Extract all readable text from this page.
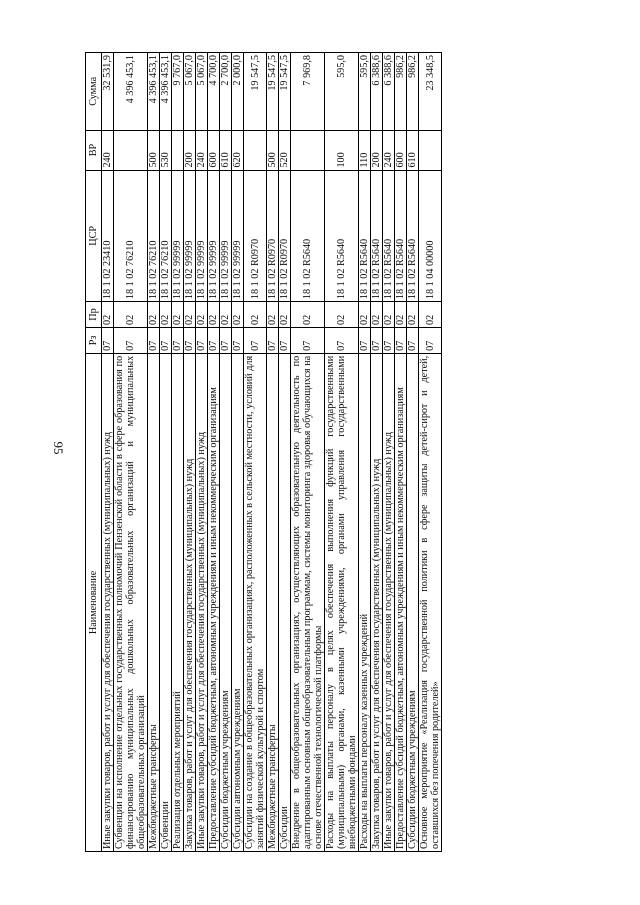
95
Наименование	Рз	Пр	ЦСР	ВР	Сумма
Иные закупки товаров, работ и услуг для обеспечения государственных (муниципальных) нужд	07	02	18 1 02 23410	240	32 531,9
Субвенции на исполнение отдельных государственных полномочий Пензенской области в сфере образования по финансированию муниципальных дошкольных образовательных организаций и муниципальных общеобразовательных организаций	07	02	18 1 02 76210		4 396 453,1
Межбюджетные трансферты	07	02	18 1 02 76210	500	4 396 453,1
Субвенции	07	02	18 1 02 76210	530	4 396 453,1
Реализация отдельных мероприятий	07	02	18 1 02 99999		9 767,0
Закупка товаров, работ и услуг для обеспечения государственных (муниципальных) нужд	07	02	18 1 02 99999	200	5 067,0
Иные закупки товаров, работ и услуг для обеспечения государственных (муниципальных) нужд	07	02	18 1 02 99999	240	5 067,0
Предоставление субсидий бюджетным, автономным учреждениям и иным некоммерческим организациям	07	02	18 1 02 99999	600	4 700,0
Субсидии бюджетным учреждениям	07	02	18 1 02 99999	610	2 700,0
Субсидии автономным учреждениям	07	02	18 1 02 99999	620	2 000,0
Субсидии на создание в общеобразовательных организациях, расположенных в сельской местности, условий для занятий физической культурой и спортом	07	02	18 1 02 R0970		19 547,5
Межбюджетные трансферты	07	02	18 1 02 R0970	500	19 547,5
Субсидии	07	02	18 1 02 R0970	520	19 547,5
Внедрение в общеобразовательных организациях, осуществляющих образовательную деятельность по адаптированным основным общеобразовательным программам, системы мониторинга здоровья обучающихся на основе отечественной технологической платформы	07	02	18 1 02 R5640		7 969,8
Расходы на выплаты персоналу в целях обеспечения выполнения функций государственными (муниципальными) органами, казенными учреждениями, органами управления государственными внебюджетными фондами	07	02	18 1 02 R5640	100	595,0
Расходы на выплаты персоналу казенных учреждений	07	02	18 1 02 R5640	110	595,0
Закупка товаров, работ и услуг для обеспечения государственных (муниципальных) нужд	07	02	18 1 02 R5640	200	6 388,6
Иные закупки товаров, работ и услуг для обеспечения государственных (муниципальных) нужд	07	02	18 1 02 R5640	240	6 388,6
Предоставление субсидий бюджетным, автономным учреждениям и иным некоммерческим организациям	07	02	18 1 02 R5640	600	986,2
Субсидии бюджетным учреждениям	07	02	18 1 02 R5640	610	986,2
Основное мероприятие «Реализация государственной политики в сфере защиты детей-сирот и детей, оставшихся без попечения родителей»	07	02	18 1 04 00000		23 348,5
